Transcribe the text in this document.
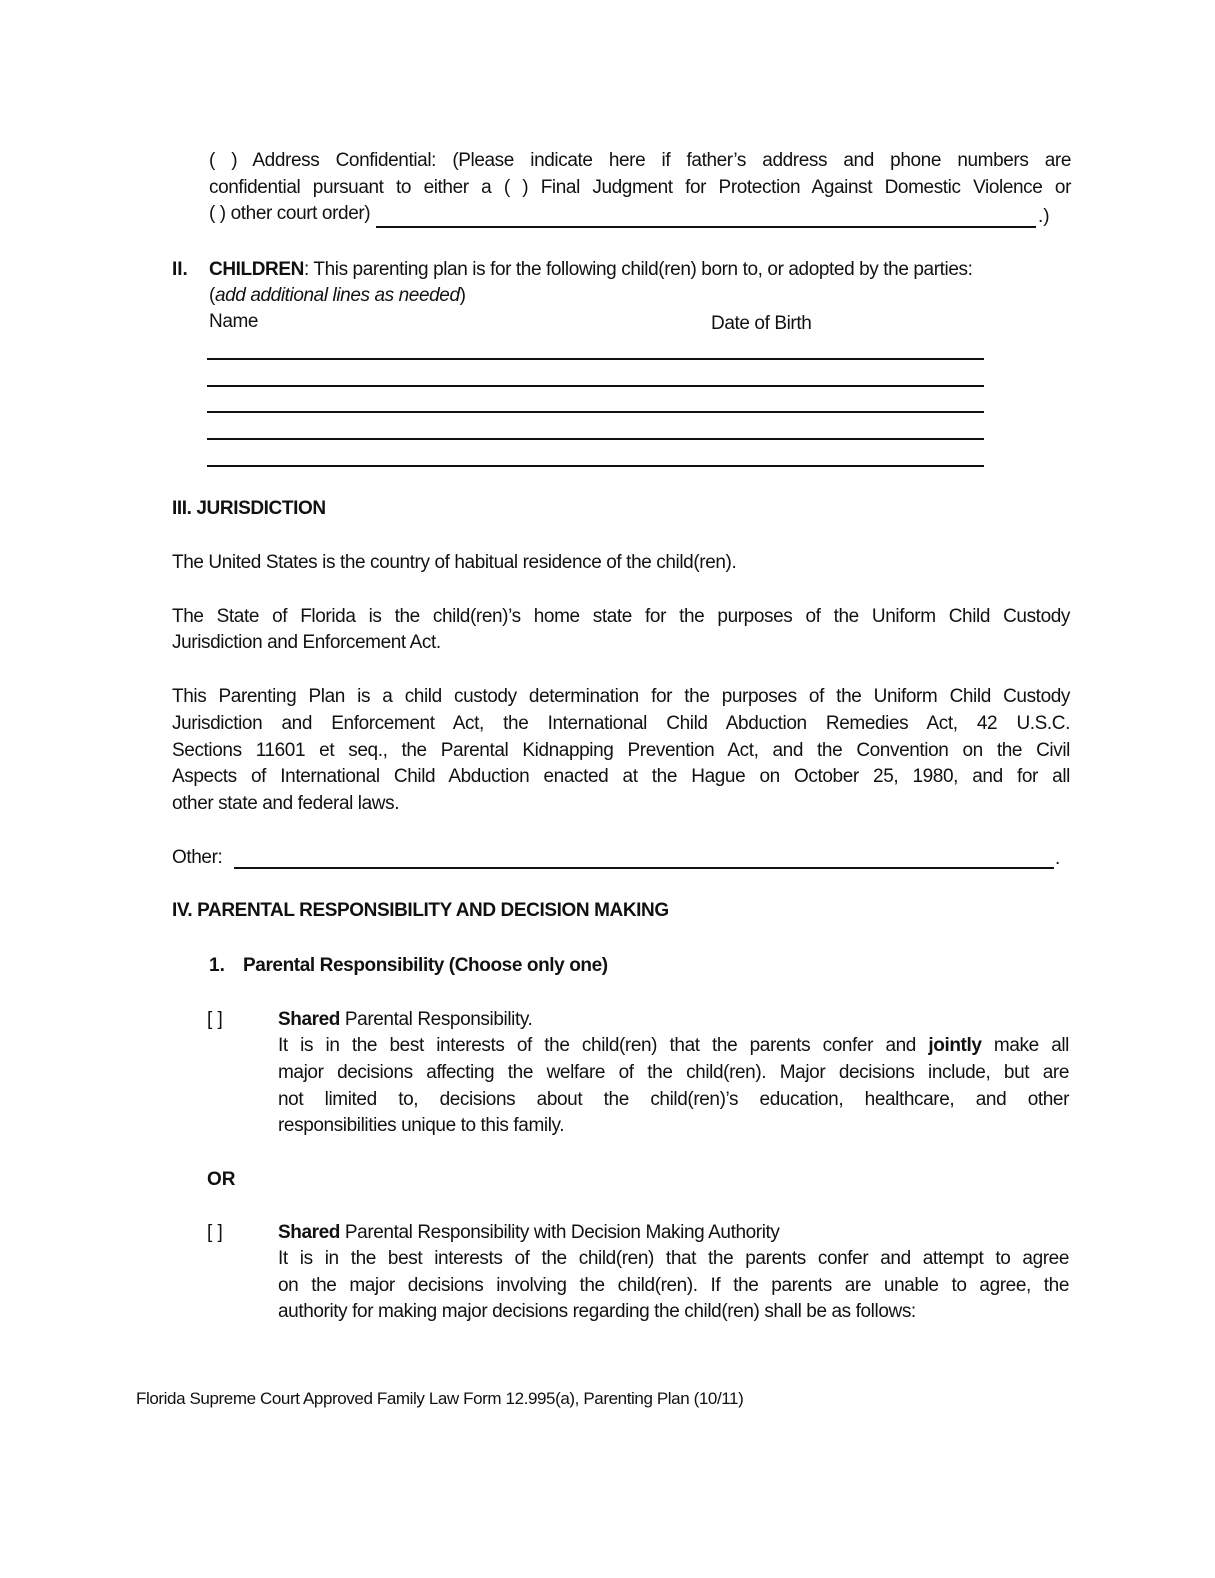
( ) Address Confidential: (Please indicate here if father’s address and phone numbers are
confidential pursuant to either a ( ) Final Judgment for Protection Against Domestic Violence or
( ) other court order)	.)
II. CHILDREN: This parenting plan is for the following child(ren) born to, or adopted by the parties:
(add additional lines as needed)
Name	Date of Birth
III. JURISDICTION
The United States is the country of habitual residence of the child(ren).
The State of Florida is the child(ren)’s home state for the purposes of the Uniform Child Custody
Jurisdiction and Enforcement Act.
This Parenting Plan is a child custody determination for the purposes of the Uniform Child Custody
Jurisdiction and Enforcement Act, the International Child Abduction Remedies Act, 42 U.S.C.
Sections 11601 et seq., the Parental Kidnapping Prevention Act, and the Convention on the Civil
Aspects of International Child Abduction enacted at the Hague on October 25, 1980, and for all
other state and federal laws.
Other:	.
IV. PARENTAL RESPONSIBILITY AND DECISION MAKING
1. Parental Responsibility (Choose only one)
[ ]	Shared Parental Responsibility.
It is in the best interests of the child(ren) that the parents confer and jointly make all
major decisions affecting the welfare of the child(ren). Major decisions include, but are
not limited to, decisions about the child(ren)’s education, healthcare, and other
responsibilities unique to this family.
OR
[ ]	Shared Parental Responsibility with Decision Making Authority
It is in the best interests of the child(ren) that the parents confer and attempt to agree
on the major decisions involving the child(ren). If the parents are unable to agree, the
authority for making major decisions regarding the child(ren) shall be as follows:
Florida Supreme Court Approved Family Law Form 12.995(a), Parenting Plan (10/11)
